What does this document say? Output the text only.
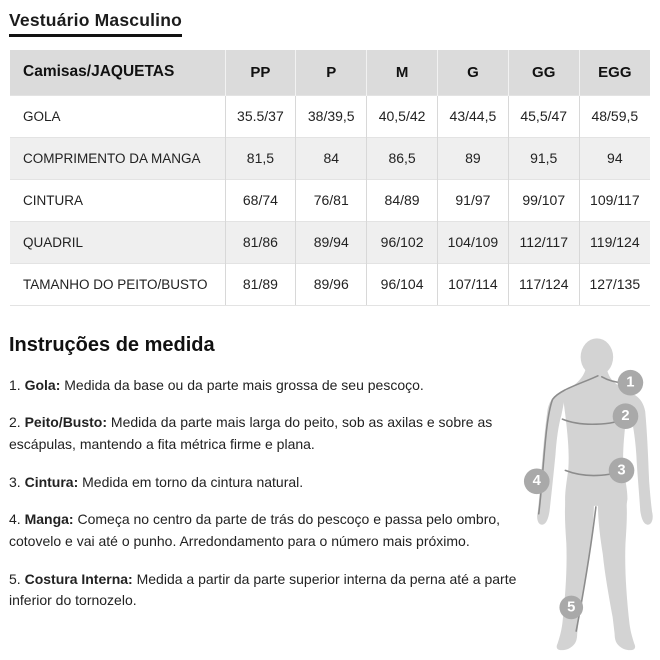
Vestuário Masculino
Camisas/JAQUETAS	PP	P	M	G	GG	EGG
GOLA	35.5/37	38/39,5	40,5/42	43/44,5	45,5/47	48/59,5
COMPRIMENTO DA MANGA	81,5	84	86,5	89	91,5	94
CINTURA	68/74	76/81	84/89	91/97	99/107	109/117
QUADRIL	81/86	89/94	96/102	104/109	112/117	119/124
TAMANHO DO PEITO/BUSTO	81/89	89/96	96/104	107/114	117/124	127/135
Instruções de medida

1. Gola: Medida da base ou da parte mais grossa de seu pescoço.

2. Peito/Busto: Medida da parte mais larga do peito, sob as axilas e sobre as escápulas, mantendo a fita métrica firme e plana.

3. Cintura: Medida em torno da cintura natural.

4. Manga: Começa no centro da parte de trás do pescoço e passa pelo ombro, cotovelo e vai até o punho. Arredondamento para o número mais próximo.

5. Costura Interna: Medida a partir da parte superior interna da perna até a parte inferior do tornozelo.

1
2
3
4
5
